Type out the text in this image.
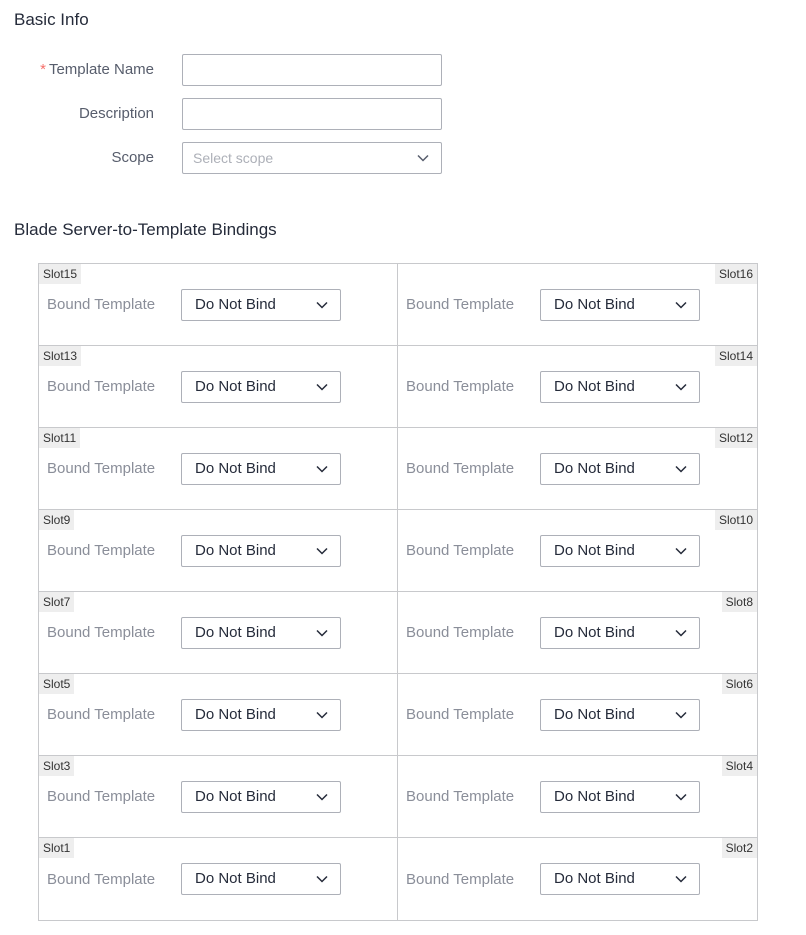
Basic Info
* Template Name
Description
Scope	Select scope
Blade Server-to-Template Bindings
Slot15
Bound Template	Do Not Bind
Slot16
Bound Template	Do Not Bind
Slot13
Bound Template	Do Not Bind
Slot14
Bound Template	Do Not Bind
Slot11
Bound Template	Do Not Bind
Slot12
Bound Template	Do Not Bind
Slot9
Bound Template	Do Not Bind
Slot10
Bound Template	Do Not Bind
Slot7
Bound Template	Do Not Bind
Slot8
Bound Template	Do Not Bind
Slot5
Bound Template	Do Not Bind
Slot6
Bound Template	Do Not Bind
Slot3
Bound Template	Do Not Bind
Slot4
Bound Template	Do Not Bind
Slot1
Bound Template	Do Not Bind
Slot2
Bound Template	Do Not Bind
